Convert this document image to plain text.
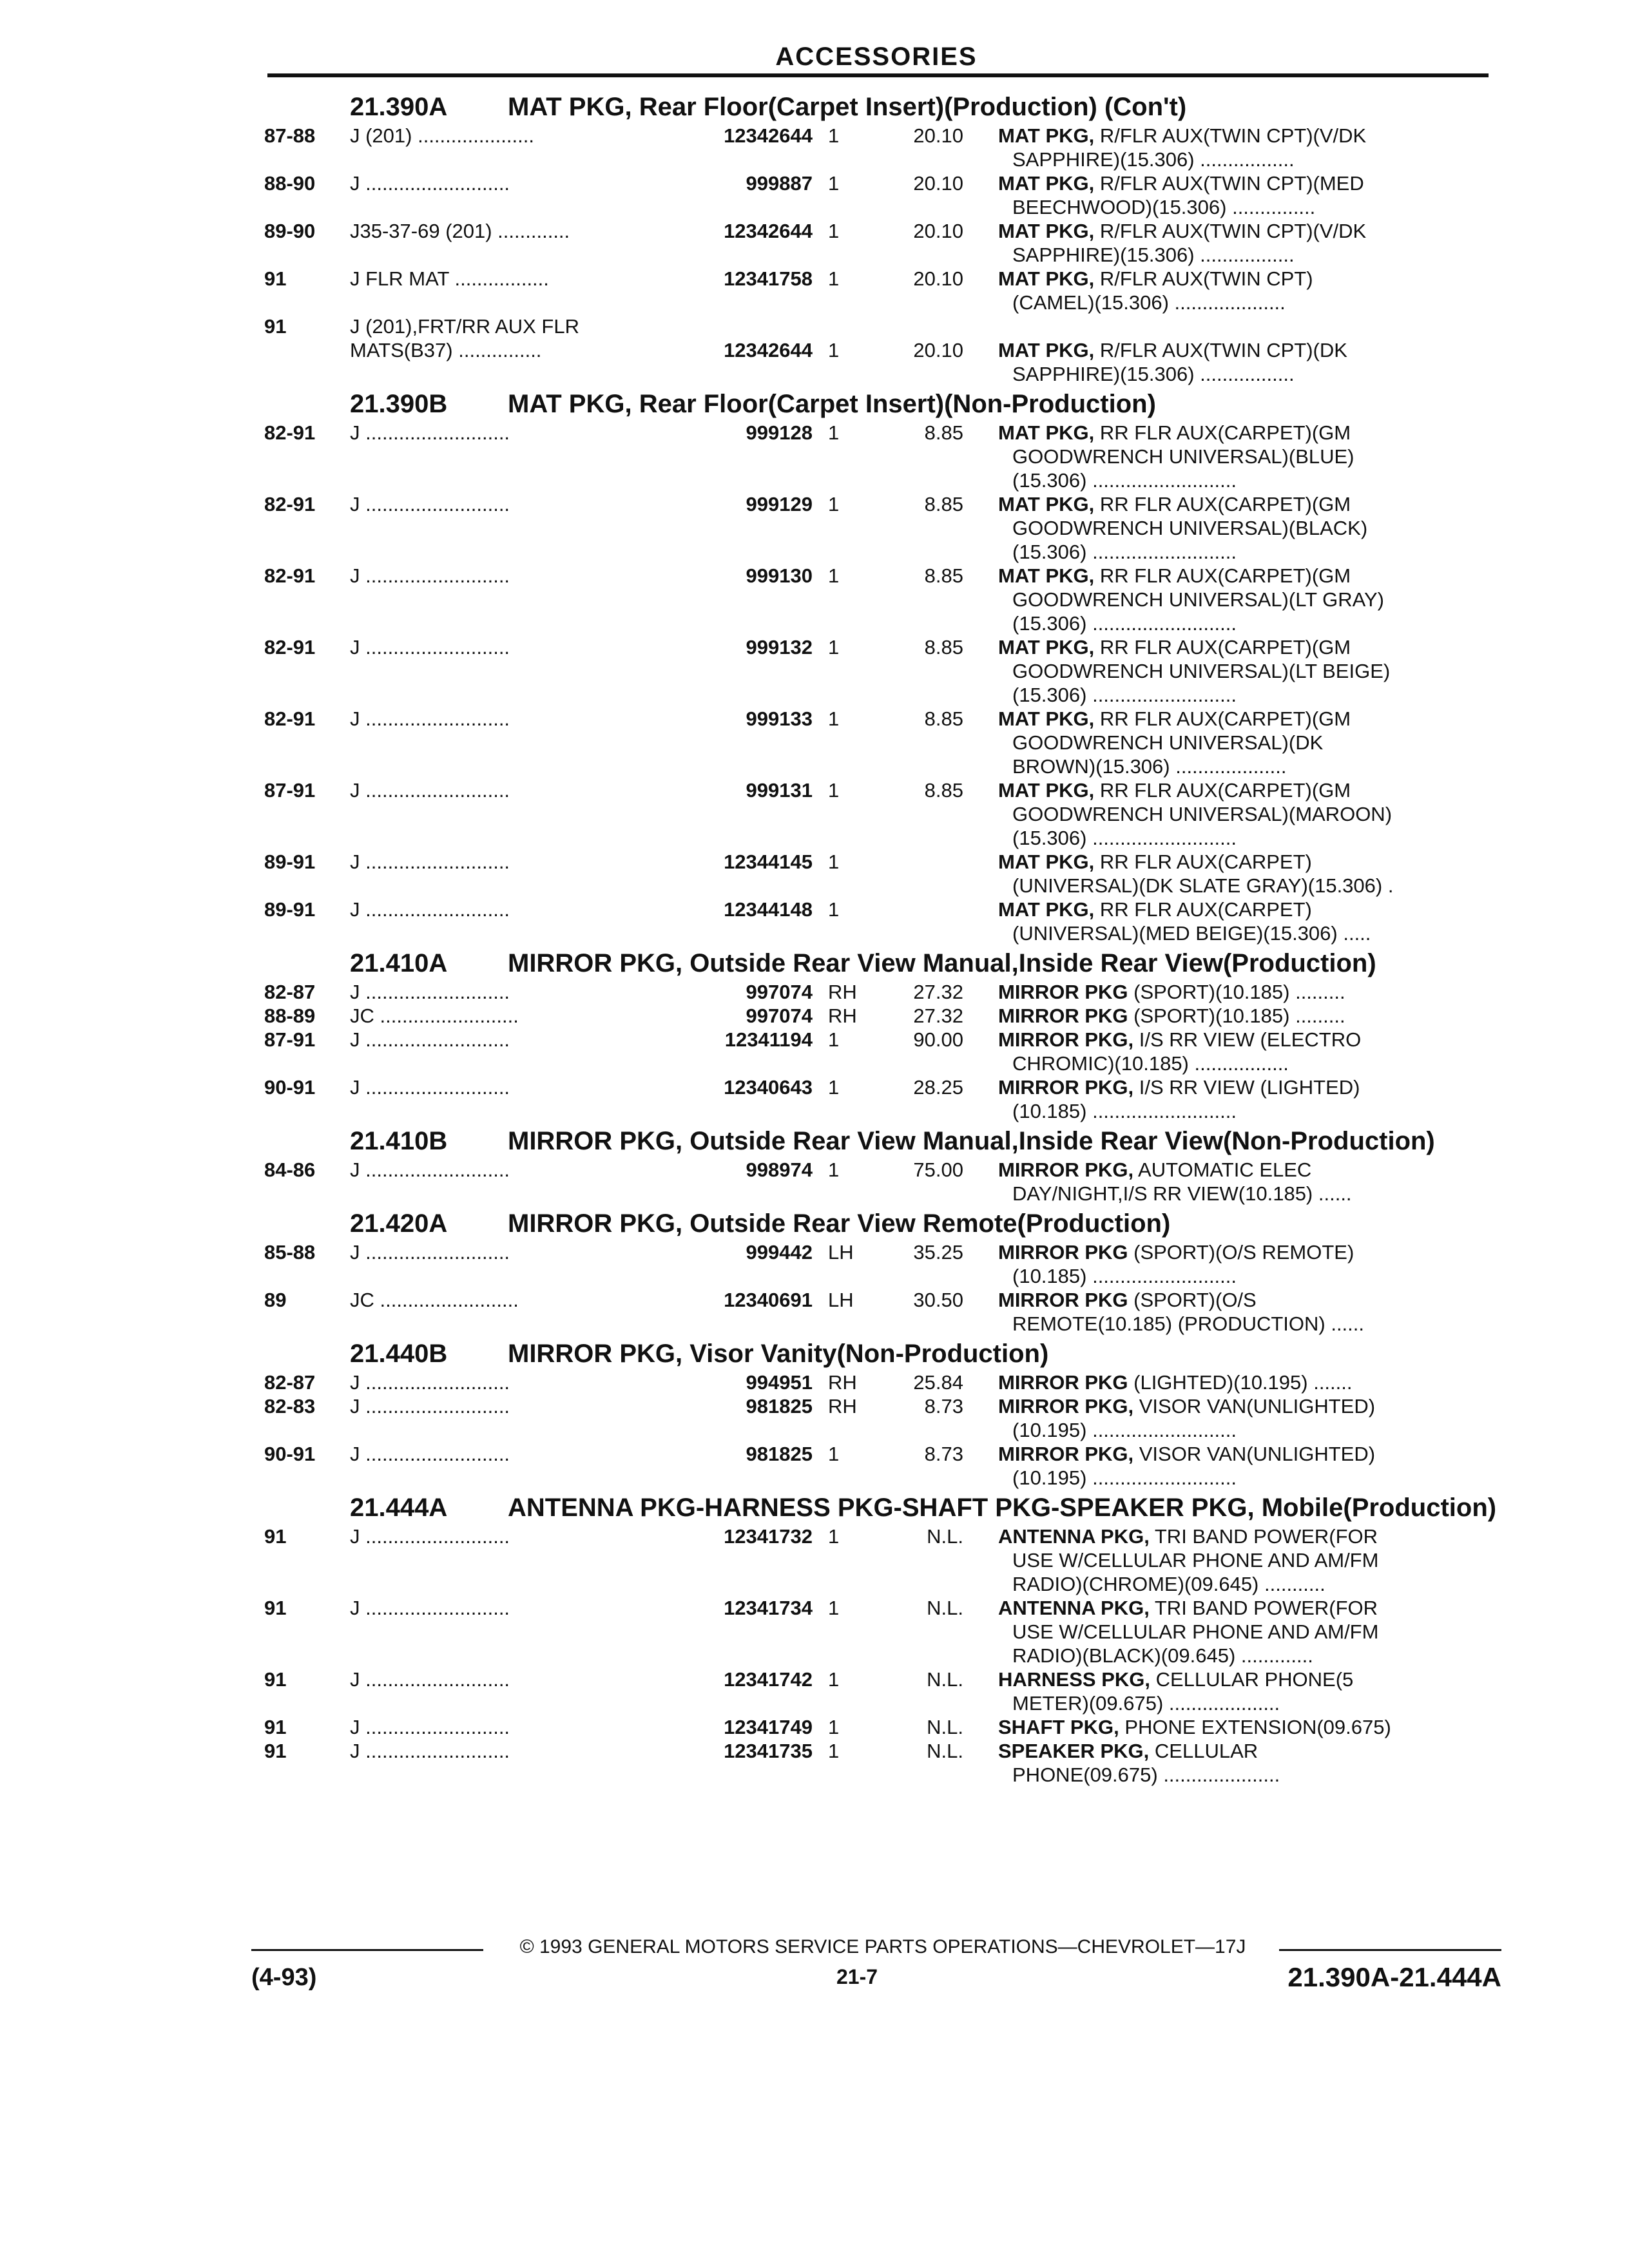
ACCESSORIES
21.390A	MAT PKG, Rear Floor(Carpet Insert)(Production) (Con't)
87-88	J (201) .....................	12342644 1	20.10 MAT PKG, R/FLR AUX(TWIN CPT)(V/DK
SAPPHIRE)(15.306) .................
88-90	J ..........................	999887 1	20.10 MAT PKG, R/FLR AUX(TWIN CPT)(MED
BEECHWOOD)(15.306) ...............
89-90	J35-37-69 (201) .............	12342644 1	20.10 MAT PKG, R/FLR AUX(TWIN CPT)(V/DK
SAPPHIRE)(15.306) .................
91	J FLR MAT .................	12341758 1	20.10 MAT PKG, R/FLR AUX(TWIN CPT)
(CAMEL)(15.306) ....................
91	J (201),FRT/RR AUX FLR
MATS(B37) ...............	12342644 1	20.10 MAT PKG, R/FLR AUX(TWIN CPT)(DK
SAPPHIRE)(15.306) .................
21.390B	MAT PKG, Rear Floor(Carpet Insert)(Non-Production)
82-91	J ..........................	999128 1	8.85 MAT PKG, RR FLR AUX(CARPET)(GM
GOODWRENCH UNIVERSAL)(BLUE)
(15.306) ..........................
82-91	J ..........................	999129 1	8.85 MAT PKG, RR FLR AUX(CARPET)(GM
GOODWRENCH UNIVERSAL)(BLACK)
(15.306) ..........................
82-91	J ..........................	999130 1	8.85 MAT PKG, RR FLR AUX(CARPET)(GM
GOODWRENCH UNIVERSAL)(LT GRAY)
(15.306) ..........................
82-91	J ..........................	999132 1	8.85 MAT PKG, RR FLR AUX(CARPET)(GM
GOODWRENCH UNIVERSAL)(LT BEIGE)
(15.306) ..........................
82-91	J ..........................	999133 1	8.85 MAT PKG, RR FLR AUX(CARPET)(GM
GOODWRENCH UNIVERSAL)(DK
BROWN)(15.306) ....................
87-91	J ..........................	999131 1	8.85 MAT PKG, RR FLR AUX(CARPET)(GM
GOODWRENCH UNIVERSAL)(MAROON)
(15.306) ..........................
89-91	J ..........................	12344145 1	MAT PKG, RR FLR AUX(CARPET)
(UNIVERSAL)(DK SLATE GRAY)(15.306) .
89-91	J ..........................	12344148 1	MAT PKG, RR FLR AUX(CARPET)
(UNIVERSAL)(MED BEIGE)(15.306) .....
21.410A	MIRROR PKG, Outside Rear View Manual,Inside Rear View(Production)
82-87	J ..........................	997074 RH	27.32 MIRROR PKG (SPORT)(10.185) .........
88-89	JC .........................	997074 RH	27.32 MIRROR PKG (SPORT)(10.185) .........
87-91	J ..........................	12341194 1	90.00 MIRROR PKG, I/S RR VIEW (ELECTRO
CHROMIC)(10.185) .................
90-91	J ..........................	12340643 1	28.25 MIRROR PKG, I/S RR VIEW (LIGHTED)
(10.185) ..........................
21.410B	MIRROR PKG, Outside Rear View Manual,Inside Rear View(Non-Production)
84-86	J ..........................	998974 1	75.00 MIRROR PKG, AUTOMATIC ELEC
DAY/NIGHT,I/S RR VIEW(10.185) ......
21.420A	MIRROR PKG, Outside Rear View Remote(Production)
85-88	J ..........................	999442 LH	35.25 MIRROR PKG (SPORT)(O/S REMOTE)
(10.185) ..........................
89	JC .........................	12340691 LH	30.50 MIRROR PKG (SPORT)(O/S
REMOTE(10.185) (PRODUCTION) ......
21.440B	MIRROR PKG, Visor Vanity(Non-Production)
82-87	J ..........................	994951 RH	25.84 MIRROR PKG (LIGHTED)(10.195) .......
82-83	J ..........................	981825 RH	8.73 MIRROR PKG, VISOR VAN(UNLIGHTED)
(10.195) ..........................
90-91	J ..........................	981825 1	8.73 MIRROR PKG, VISOR VAN(UNLIGHTED)
(10.195) ..........................
21.444A	ANTENNA PKG-HARNESS PKG-SHAFT PKG-SPEAKER PKG, Mobile(Production)
91	J ..........................	12341732 1	N.L. ANTENNA PKG, TRI BAND POWER(FOR
USE W/CELLULAR PHONE AND AM/FM
RADIO)(CHROME)(09.645) ...........
91	J ..........................	12341734 1	N.L. ANTENNA PKG, TRI BAND POWER(FOR
USE W/CELLULAR PHONE AND AM/FM
RADIO)(BLACK)(09.645) .............
91	J ..........................	12341742 1	N.L. HARNESS PKG, CELLULAR PHONE(5
METER)(09.675) ....................
91	J ..........................	12341749 1	N.L. SHAFT PKG, PHONE EXTENSION(09.675)
91	J ..........................	12341735 1	N.L. SPEAKER PKG, CELLULAR
PHONE(09.675) .....................
© 1993 GENERAL MOTORS SERVICE PARTS OPERATIONS—CHEVROLET—17J
(4-93)	21-7	21.390A-21.444A
